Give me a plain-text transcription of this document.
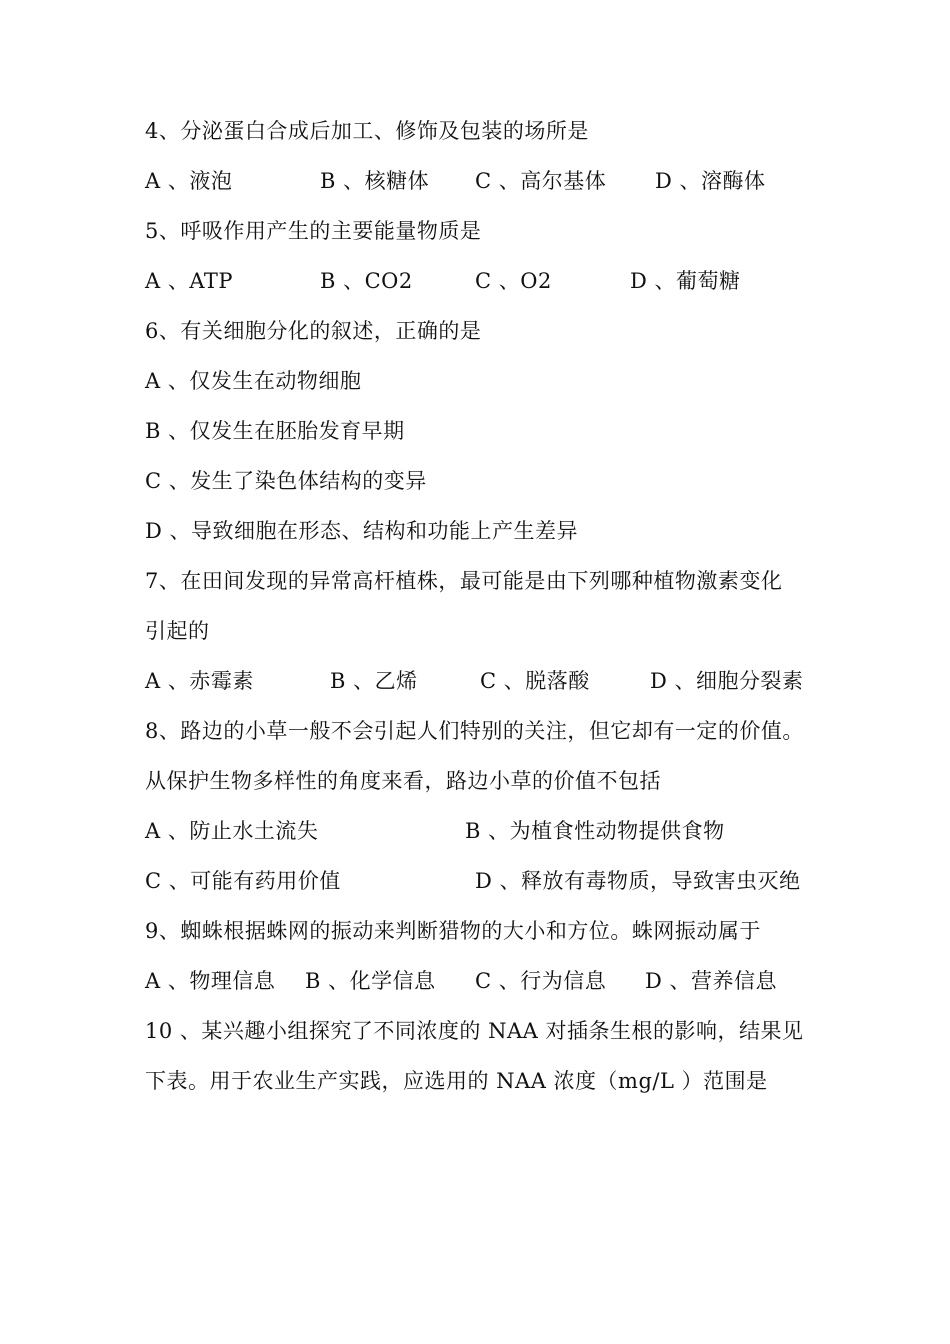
4、分泌蛋白合成后加工、修饰及包装的场所是
A 、液泡	B 、核糖体 C 、高尔基体 D 、溶酶体
5、呼吸作用产生的主要能量物质是
A 、ATP	B 、CO2	C 、O2	D 、葡萄糖
6、有关细胞分化的叙述，正确的是
A 、仅发生在动物细胞
B 、仅发生在胚胎发育早期
C 、发生了染色体结构的变异
D 、导致细胞在形态、结构和功能上产生差异
7、在田间发现的异常高杆植株，最可能是由下列哪种植物激素变化
引起的
A 、赤霉素	B 、乙烯	C 、脱落酸	D 、细胞分裂素
8、路边的小草一般不会引起人们特别的关注，但它却有一定的价值。
从保护生物多样性的角度来看，路边小草的价值不包括
A 、防止水土流失	B 、为植食性动物提供食物
C 、可能有药用价值	D 、释放有毒物质，导致害虫灭绝
9、蜘蛛根据蛛网的振动来判断猎物的大小和方位。蛛网振动属于
A 、物理信息 B 、化学信息 C 、行为信息 D 、营养信息
10 、某兴趣小组探究了不同浓度的 NAA 对插条生根的影响，结果见
下表。用于农业生产实践，应选用的 NAA 浓度（mg/L ）范围是
